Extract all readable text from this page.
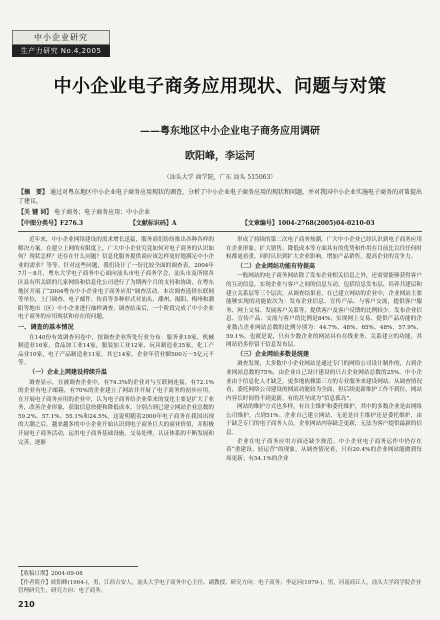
中小企业研究
生产力研究 No.4,2005
中小企业电子商务应用现状、问题与对策
——粤东地区中小企业电子商务应用调研
欧阳峰，李运河
（汕头大学 商学院，广东 汕头 515063）
【摘　要】 通过对粤东地区中小企业电子商务应用现状的调查，分析了中小企业电子商务应用的现状和问题，并对我国中小企业实施电子商务的对策提出了建议。
【关 键 词】 电子商务；电子商务应用；中小企业
【中图分类号】F276.3	【文献标识码】A	【文章编号】1004-2768(2005)04-0210-03

近年来，中小企业网络建设的需求增长迅猛，服务商们纷纷推出各种各样的解决方案。在建立上网的有限度上，广大中小企业究竟如何对电子商务的认识如何？现状怎样？还存在什么问题？信息化服务提供商应该怎样更好地满足中小企业的需求？等等。针对这些问题，我们设计了一份比较全面的调查表，2004年7月～8月，粤东大学电子商务中心面向汕头市电子商务学会，汕头市及所辖各区县有所关联的几家网络和信息化公司进行了为期两个月的支持和协助，在粤东地区开展了“2004粤东中小企业电子商务应用”调查活动。本次调查选择东联网等单位，上门调查、电子邮件、传真等多种形式对汕头、潮州、揭阳、梅州和潮阳等地市（区）中小企业进行抽样调查。调查结束后，一个阶段完成了中小企业电子商务的应用现状和存在的问题。

一、调查的基本情况

在140份有效调查问卷中，按调查企业所处行业分布：服务业19家，机械制造业16家，食品加工业14家，服装加工业12家，玩具制造业35家，化工产品业10家，电子产品制造业11家，其它14家。企业年营业额500万～5亿元不等。

（一）企业上网建设持续升温

调查显示，在被调查企业中，有74.3%的企业对与互联网连接，有72.1%的企业有电子邮箱，有70%的企业建立了网站并开展了电子商务的初步应用。在开展电子商务应用的企业中，认为电子商务给企业带来的变化主要是扩大了业务，改善企业形象，获取信息快捷和降低成本，分别占到已建立网站企业总数的59.2%、57.1%、55.1%和24.5%。这说明随着2000年电子商务在我国出现的大潮之后，越来越多的中小企业开始认识到电子商务巨大的商业价值，并积极开展电子商务活动，运用电子商务基础设施、交易处理，认证体系的不断发展和完善，逐渐

形成了持续的第二次电子商务热潮。广大中小企业已经认识到电子商务应用在企业形象、扩大销售、降低成本等方面具有的优势和作用在目前比以往任何时候都更看重，同时认识到扩大企业影响，增加产品销售，提高企业的竞争力。

（二）企业网站功能有待提高

一般网站的电子商务网站除了发布企业相关信息之外，还需要能够获得客户的互动信息，实现企业与客户之间的信息互动，包括信息发布层、培养共建层和建立关系层等三个层次。从调查结果看，在已建立网站的企业中，企业网站主要能够实现的功能依次为：发布企业信息、宣传产品、与客户交流，提供客户服务、网上交易、发展客户关系等，提供客户及客户反馈的比例较少。发布企业信息、宣传产品、交流与客户的比例是84%；实现网上交易、提供产品功能的企业数占企业网站总数的比例分别为：44.7%、48%、65%、48%、57.9%、59.1%。也就是说，只有少数企业的网站具有在线业务、关系建立的功能，其网站仍多停留于信息发布层。

（三）企业网站多数是统建

调查发现，大多数中小企业网站是通过专门的网络公司设计制作的，占到企业网站总数的75%，由企业自己设计建设的只占企业网站总数的25%。中小企业由于信息化人才缺乏，更多地依赖第三方的专业服务来建设网站。从调查情况看，委托网络公司建设的网站功能较为全面，但后续更新维护工作不到位，网站内容长时间得不到更新，有的甚至成为“信息孤岛”。

网站的维护方式也多样，有自主维护和委托维护，其中的多数企业是由网络公司维护，占到51%。企业自己建立网站，无论是自主维护还是委托维护，由于缺乏专门的电子商务人员，企业网站内容缺乏更新，无法为客户提供最新的信息。

企业在电子商务应用方面还缺少规范。中小企业电子商务运作中仍存在着“重建设、轻运营”的现象，从调查情况看，只有20.4%的企业网站能做到每周更新；有54.1%的企业

【收稿日期】2004-09-08
【作者简介】欧阳峰(1964-)，男，江西吉安人，汕头大学电子商务中心主任、副教授、研究方向：电子商务；李运河(1979-)，男，河南商丘人，汕头大学商学院企业管理研究生，研究方向：电子商务。
210
